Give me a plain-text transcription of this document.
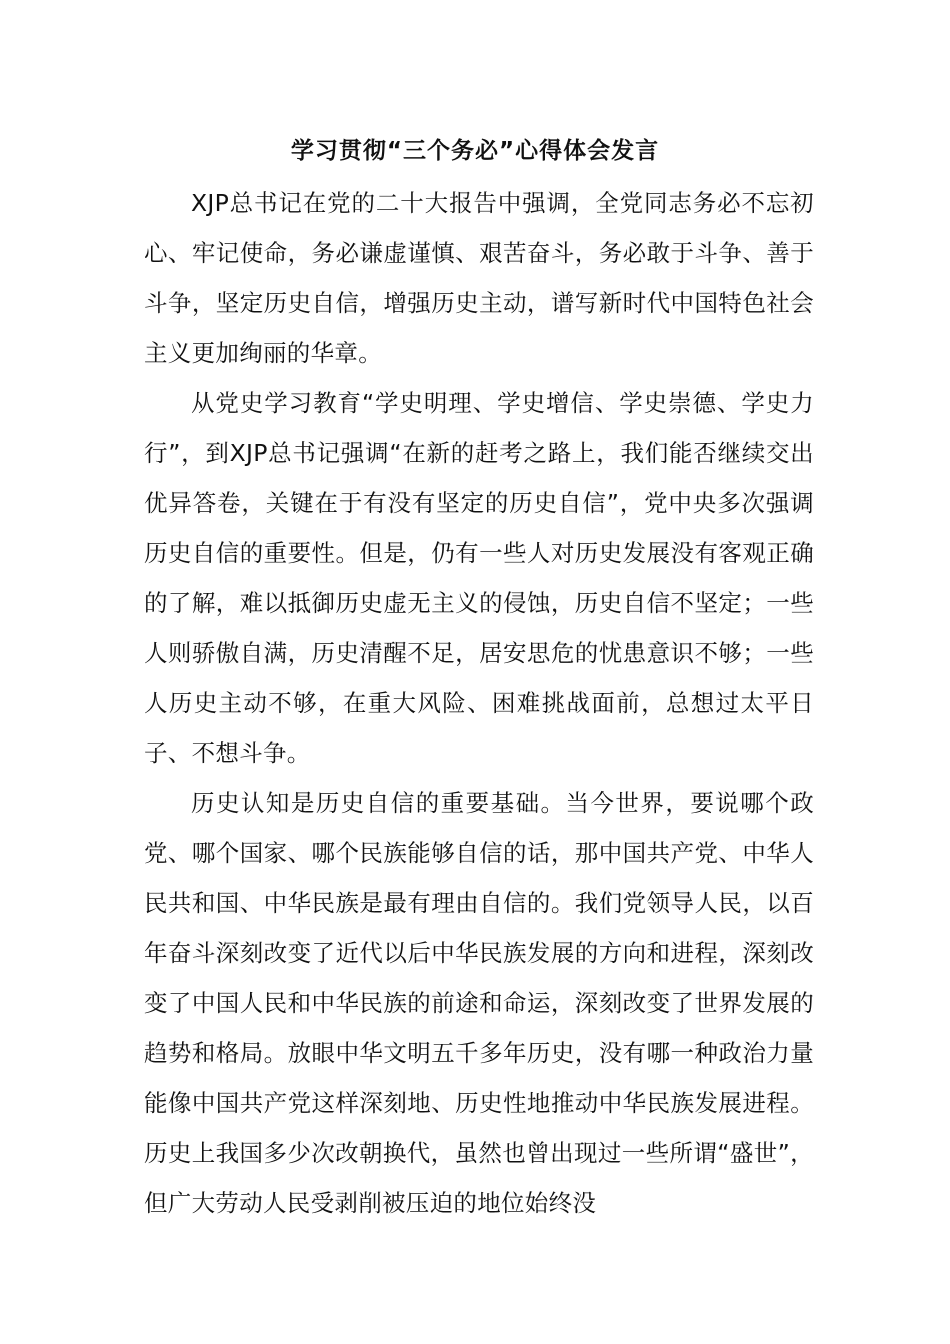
学习贯彻“三个务必”心得体会发言

XJP总书记在党的二十大报告中强调，全党同志务必不忘初心、牢记使命，务必谦虚谨慎、艰苦奋斗，务必敢于斗争、善于斗争，坚定历史自信，增强历史主动，谱写新时代中国特色社会主义更加绚丽的华章。

从党史学习教育“学史明理、学史增信、学史崇德、学史力行”，到XJP总书记强调“在新的赶考之路上，我们能否继续交出优异答卷，关键在于有没有坚定的历史自信”，党中央多次强调历史自信的重要性。但是，仍有一些人对历史发展没有客观正确的了解，难以抵御历史虚无主义的侵蚀，历史自信不坚定；一些人则骄傲自满，历史清醒不足，居安思危的忧患意识不够；一些人历史主动不够，在重大风险、困难挑战面前，总想过太平日子、不想斗争。

历史认知是历史自信的重要基础。当今世界，要说哪个政党、哪个国家、哪个民族能够自信的话，那中国共产党、中华人民共和国、中华民族是最有理由自信的。我们党领导人民，以百年奋斗深刻改变了近代以后中华民族发展的方向和进程，深刻改变了中国人民和中华民族的前途和命运，深刻改变了世界发展的趋势和格局。放眼中华文明五千多年历史，没有哪一种政治力量能像中国共产党这样深刻地、历史性地推动中华民族发展进程。历史上我国多少次改朝换代，虽然也曾出现过一些所谓“盛世”，但广大劳动人民受剥削被压迫的地位始终没
